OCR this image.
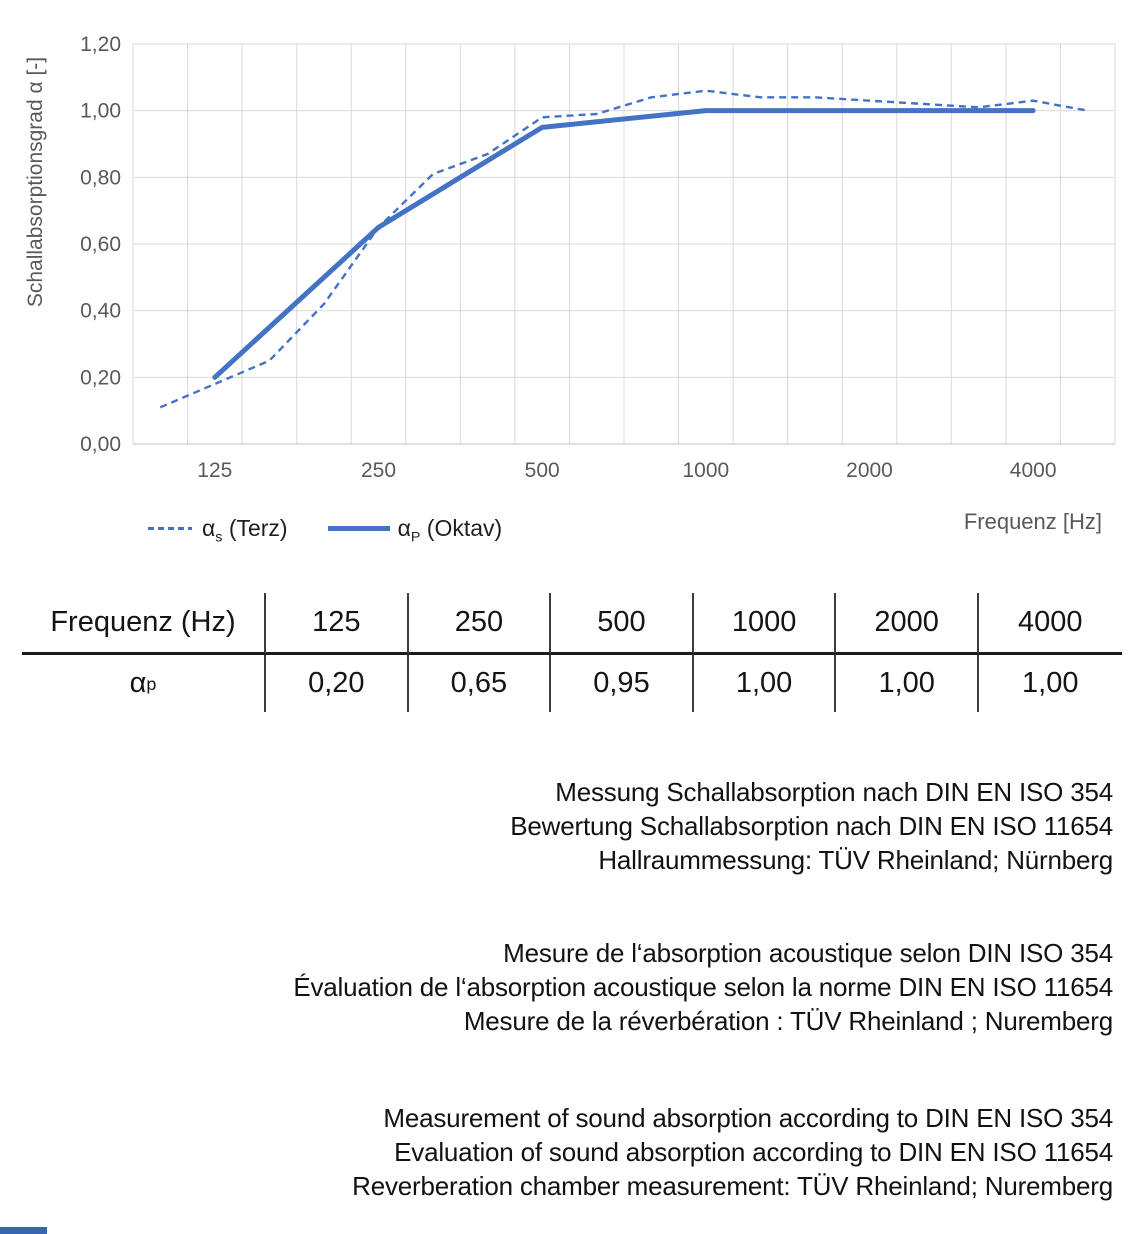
0,00
0,20
0,40
0,60
0,80
1,00
1,20
125	250	500	1000	2000	4000
Schallabsorptionsgrad α [-]
Frequenz [Hz]
$\alpha_s$ (Terz)	$\alpha_P$ (Oktav)
Frequenz (Hz)	125	250	500	1000	2000	4000
α p	0,20	0,65	0,95	1,00	1,00	1,00
Messung Schallabsorption nach DIN EN ISO 354
Bewertung Schallabsorption nach DIN EN ISO 11654
Hallraummessung: TÜV Rheinland; Nürnberg
Mesure de l‘absorption acoustique selon DIN ISO 354
Évaluation de l‘absorption acoustique selon la norme DIN EN ISO 11654
Mesure de la réverbération : TÜV Rheinland ; Nuremberg
Measurement of sound absorption according to DIN EN ISO 354
Evaluation of sound absorption according to DIN EN ISO 11654
Reverberation chamber measurement: TÜV Rheinland; Nuremberg
